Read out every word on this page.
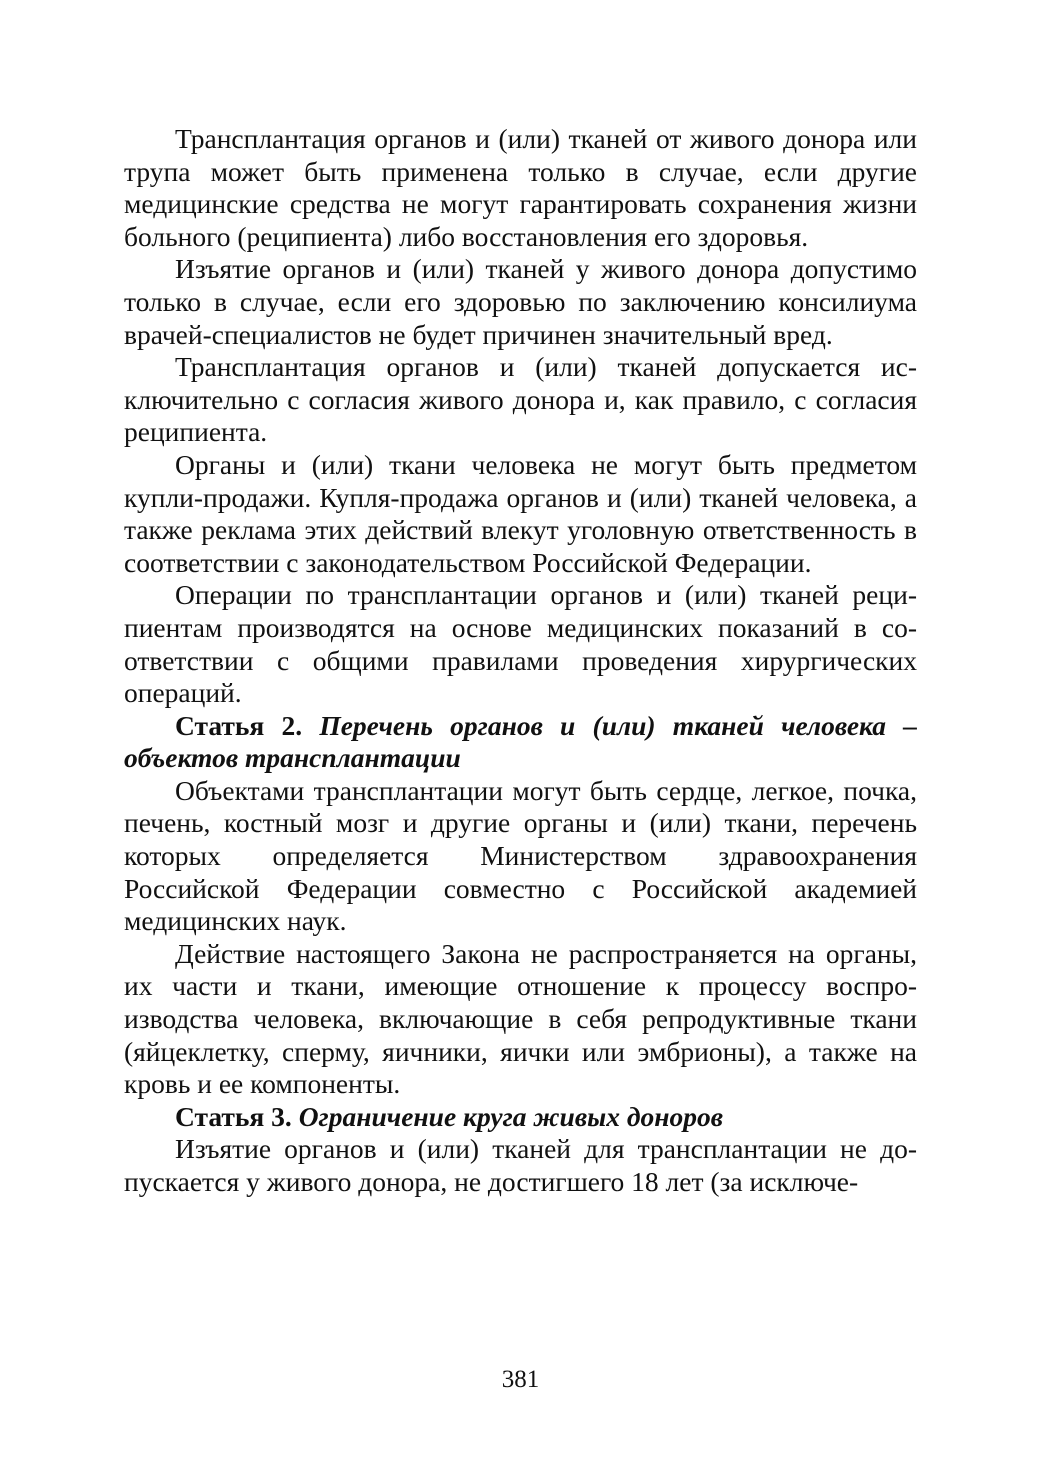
Трансплантация органов и (или) тканей от живого донора или трупа может быть применена только в случае, если другие медицинские средства не могут гарантировать сохранения жизни больного (реципиента) либо восстановления его здоровья.

Изъятие органов и (или) тканей у живого донора допустимо только в случае, если его здоровью по заключению консилиума врачей-специалистов не будет причинен значительный вред.

Трансплантация органов и (или) тканей допускается исключительно с согласия живого донора и, как правило, с согласия реципиента.

Органы и (или) ткани человека не могут быть предметом купли-продажи. Купля-продажа органов и (или) тканей человека, а также реклама этих действий влекут уголовную ответственность в соответствии с законодательством Российской Федерации.

Операции по трансплантации органов и (или) тканей реципиентам производятся на основе медицинских показаний в соответствии с общими правилами проведения хирургических операций.

Статья 2. Перечень органов и (или) тканей человека – объектов трансплантации

Объектами трансплантации могут быть сердце, легкое, почка, печень, костный мозг и другие органы и (или) ткани, перечень которых определяется Министерством здравоохранения Российской Федерации совместно с Российской академией медицинских наук.

Действие настоящего Закона не распространяется на органы, их части и ткани, имеющие отношение к процессу воспроизводства человека, включающие в себя репродуктивные ткани (яйцеклетку, сперму, яичники, яички или эмбрионы), а также на кровь и ее компоненты.

Статья 3. Ограничение круга живых доноров

Изъятие органов и (или) тканей для трансплантации не допускается у живого донора, не достигшего 18 лет (за исключе-

381
